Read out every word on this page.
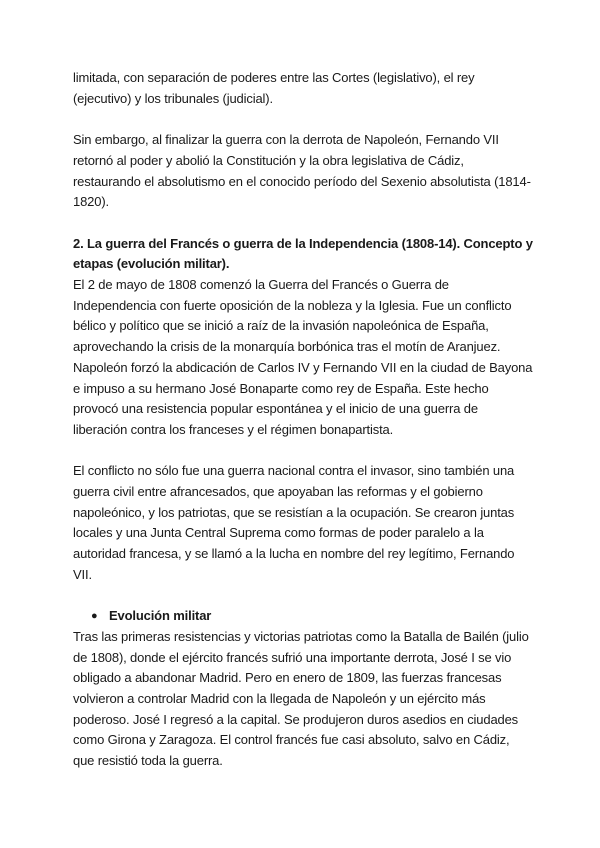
limitada, con separación de poderes entre las Cortes (legislativo), el rey (ejecutivo) y los tribunales (judicial).

Sin embargo, al finalizar la guerra con la derrota de Napoleón, Fernando VII retornó al poder y abolió la Constitución y la obra legislativa de Cádiz, restaurando el absolutismo en el conocido período del Sexenio absolutista (1814-1820).

2. La guerra del Francés o guerra de la Independencia (1808-14). Concepto y etapas (evolución militar).

El 2 de mayo de 1808 comenzó la Guerra del Francés o Guerra de Independencia con fuerte oposición de la nobleza y la Iglesia. Fue un conflicto bélico y político que se inició a raíz de la invasión napoleónica de España, aprovechando la crisis de la monarquía borbónica tras el motín de Aranjuez. Napoleón forzó la abdicación de Carlos IV y Fernando VII en la ciudad de Bayona e impuso a su hermano José Bonaparte como rey de España. Este hecho provocó una resistencia popular espontánea y el inicio de una guerra de liberación contra los franceses y el régimen bonapartista.

El conflicto no sólo fue una guerra nacional contra el invasor, sino también una guerra civil entre afrancesados, que apoyaban las reformas y el gobierno napoleónico, y los patriotas, que se resistían a la ocupación. Se crearon juntas locales y una Junta Central Suprema como formas de poder paralelo a la autoridad francesa, y se llamó a la lucha en nombre del rey legítimo, Fernando VII.

● Evolución militar

Tras las primeras resistencias y victorias patriotas como la Batalla de Bailén (julio de 1808), donde el ejército francés sufrió una importante derrota, José I se vio obligado a abandonar Madrid. Pero en enero de 1809, las fuerzas francesas volvieron a controlar Madrid con la llegada de Napoleón y un ejército más poderoso. José I regresó a la capital. Se produjeron duros asedios en ciudades como Girona y Zaragoza. El control francés fue casi absoluto, salvo en Cádiz, que resistió toda la guerra.
